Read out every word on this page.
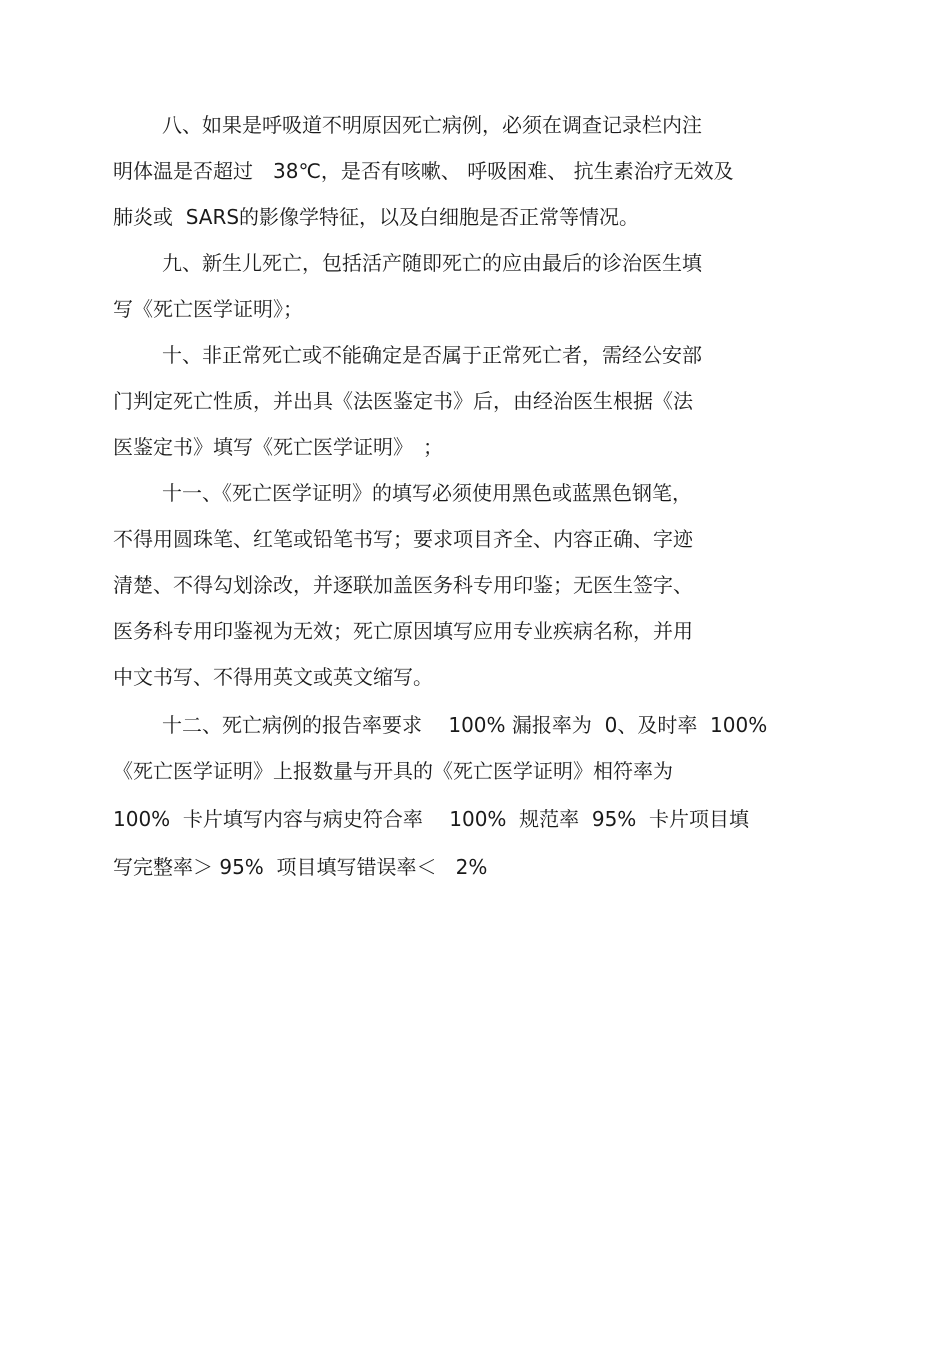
八、如果是呼吸道不明原因死亡病例，必须在调查记录栏内注
明体温是否超过　38℃，是否有咳嗽、 呼吸困难、 抗生素治疗无效及
肺炎或  SARS的影像学特征，以及白细胞是否正常等情况。
九、新生儿死亡，包括活产随即死亡的应由最后的诊治医生填
写《死亡医学证明》；
十、非正常死亡或不能确定是否属于正常死亡者，需经公安部
门判定死亡性质，并出具《法医鉴定书》后，由经治医生根据《法
医鉴定书》填写《死亡医学证明》　；
十一、《死亡医学证明》的填写必须使用黑色或蓝黑色钢笔，
不得用圆珠笔、红笔或铅笔书写；要求项目齐全、内容正确、字迹
清楚、不得勾划涂改，并逐联加盖医务科专用印鉴；无医生签字、
医务科专用印鉴视为无效；死亡原因填写应用专业疾病名称，并用
中文书写、不得用英文或英文缩写。
十二、死亡病例的报告率要求　 100% 漏报率为  0、及时率  100%
《死亡医学证明》上报数量与开具的《死亡医学证明》相符率为
100%  卡片填写内容与病史符合率 　100%  规范率  95%  卡片项目填
写完整率＞ 95%  项目填写错误率＜   2%
